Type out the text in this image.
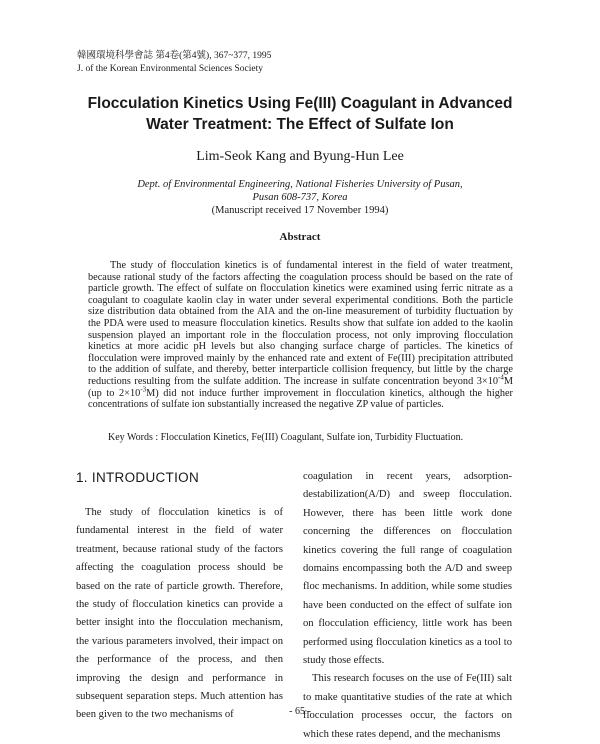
韓國環境科學會誌 第4卷(第4號), 367~377, 1995
J. of the Korean Environmental Sciences Society
Flocculation Kinetics Using Fe(III) Coagulant in Advanced
Water Treatment: The Effect of Sulfate Ion
Lim-Seok Kang and Byung-Hun Lee
Dept. of Environmental Engineering, National Fisheries University of Pusan,
Pusan 608-737, Korea
(Manuscript received 17 November 1994)
Abstract

The study of flocculation kinetics is of fundamental interest in the field of water treatment, because rational study of the factors affecting the coagulation process should be based on the rate of particle growth. The effect of sulfate on flocculation kinetics were examined using ferric nitrate as a coagulant to coagulate kaolin clay in water under several experimental conditions. Both the particle size distribution data obtained from the AIA and the on-line measurement of turbidity fluctuation by the PDA were used to measure flocculation kinetics. Results show that sulfate ion added to the kaolin suspension played an important role in the flocculation process, not only improving flocculation kinetics at more acidic pH levels but also changing surface charge of particles. The kinetics of flocculation were improved mainly by the enhanced rate and extent of Fe(III) precipitation attributed to the addition of sulfate, and thereby, better interparticle collision frequency, but little by the charge reductions resulting from the sulfate addition. The increase in sulfate concentration beyond $3\times 10^{-4}M$ (up to $2\times 10^{-3}M$) did not induce further improvement in flocculation kinetics, although the higher concentrations of sulfate ion substantially increased the negative ZP value of particles.

Key Words : Flocculation Kinetics, Fe(III) Coagulant, Sulfate ion, Turbidity Fluctuation.
1. INTRODUCTION

The study of flocculation kinetics is of fundamental interest in the field of water treatment, because rational study of the factors affecting the coagulation process should be based on the rate of particle growth. Therefore, the study of flocculation kinetics can provide a better insight into the flocculation mechanism, the various parameters involved, their impact on the performance of the process, and then improving the design and performance in subsequent separation steps. Much attention has been given to the two mechanisms of

coagulation in recent years, adsorption-destabilization(A/D) and sweep flocculation. However, there has been little work done concerning the differences on flocculation kinetics covering the full range of coagulation domains encompassing both the A/D and sweep floc mechanisms. In addition, while some studies have been conducted on the effect of sulfate ion on flocculation efficiency, little work has been performed using flocculation kinetics as a tool to study those effects.
This research focuses on the use of Fe(III) salt to make quantitative studies of the rate at which flocculation processes occur, the factors on which these rates depend, and the mechanisms

- 65 -
